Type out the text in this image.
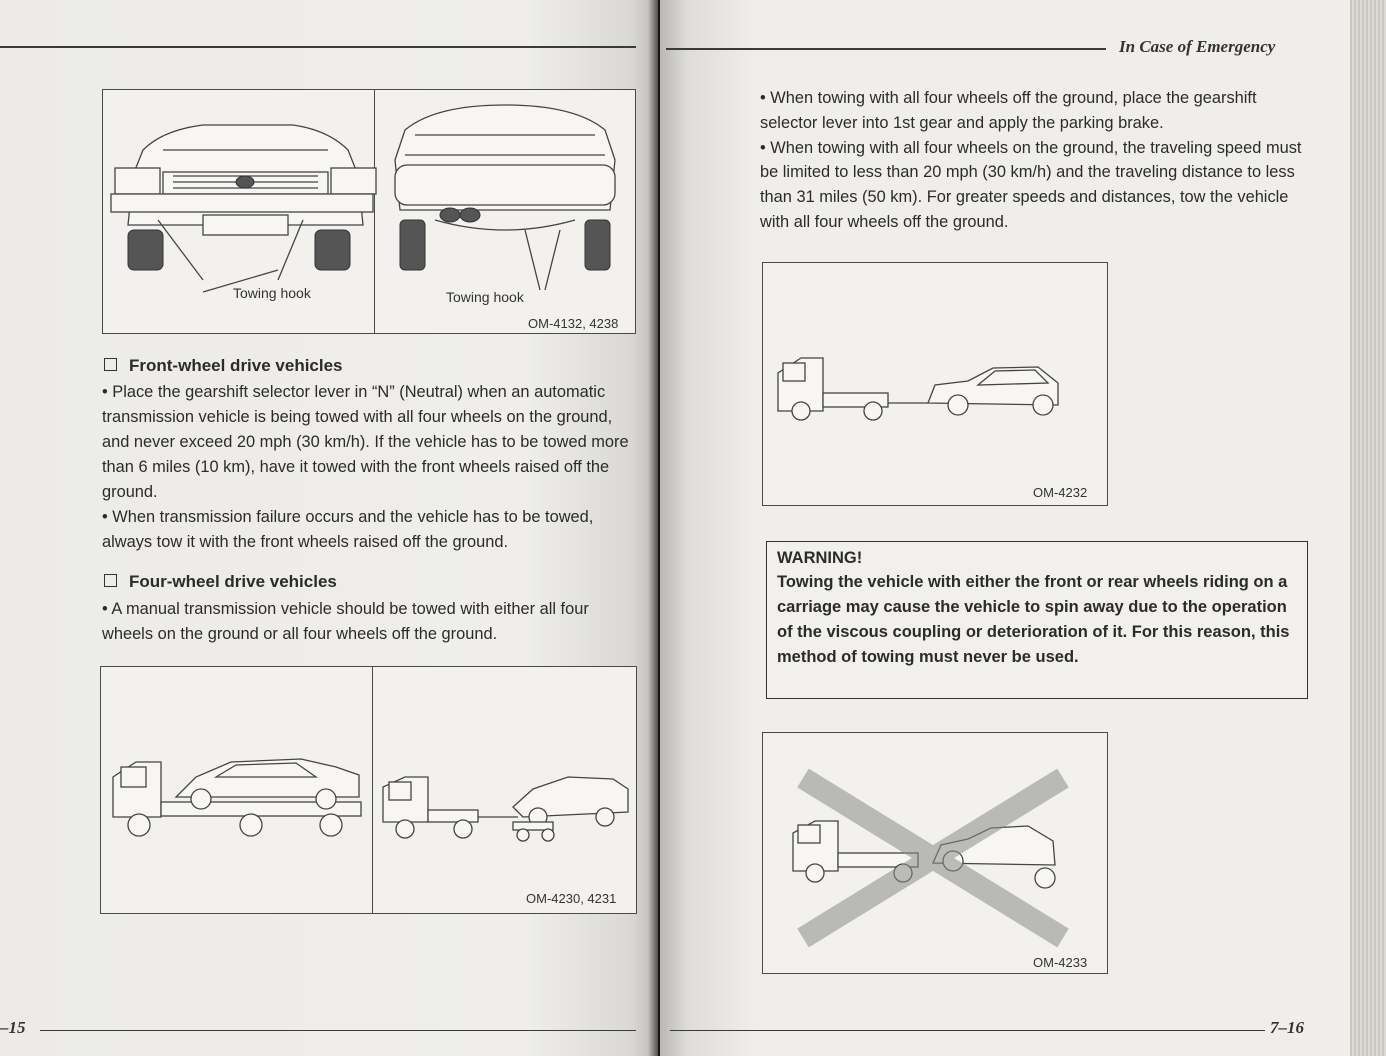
Towing hook	Towing hook
OM-4132, 4238
Front-wheel drive vehicles

• Place the gearshift selector lever in “N” (Neutral) when an automatic transmission vehicle is being towed with all four wheels on the ground, and never exceed 20 mph (30 km/h). If the vehicle has to be towed more than 6 miles (10 km), have it towed with the front wheels raised off the ground.

• When transmission failure occurs and the vehicle has to be towed, always tow it with the front wheels raised off the ground.

Four-wheel drive vehicles

• A manual transmission vehicle should be towed with either all four wheels on the ground or all four wheels off the ground.

OM-4230, 4231
–15
In Case of Emergency

• When towing with all four wheels off the ground, place the gearshift selector lever into 1st gear and apply the parking brake.

• When towing with all four wheels on the ground, the traveling speed must be limited to less than 20 mph (30 km/h) and the traveling distance to less than 31 miles (50 km). For greater speeds and distances, tow the vehicle with all four wheels off the ground.

OM-4232
OM-4233
WARNING!
Towing the vehicle with either the front or rear wheels riding on a carriage may cause the vehicle to spin away due to the operation of the viscous coupling or deterioration of it. For this reason, this method of towing must never be used.
7–16
